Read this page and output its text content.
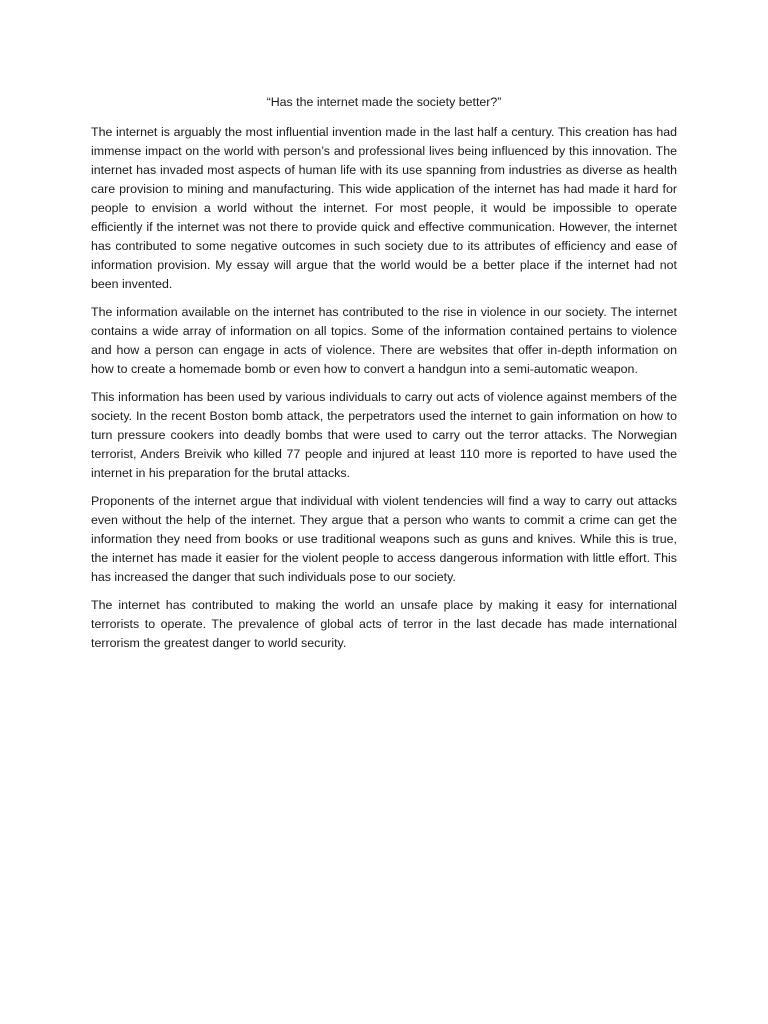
“Has the internet made the society better?”

The internet is arguably the most influential invention made in the last half a century. This creation has had immense impact on the world with person’s and professional lives being influenced by this innovation. The internet has invaded most aspects of human life with its use spanning from industries as diverse as health care provision to mining and manufacturing. This wide application of the internet has had made it hard for people to envision a world without the internet. For most people, it would be impossible to operate efficiently if the internet was not there to provide quick and effective communication. However, the internet has contributed to some negative outcomes in such society due to its attributes of efficiency and ease of information provision. My essay will argue that the world would be a better place if the internet had not been invented.

The information available on the internet has contributed to the rise in violence in our society. The internet contains a wide array of information on all topics. Some of the information contained pertains to violence and how a person can engage in acts of violence. There are websites that offer in-depth information on how to create a homemade bomb or even how to convert a handgun into a semi-automatic weapon.

This information has been used by various individuals to carry out acts of violence against members of the society. In the recent Boston bomb attack, the perpetrators used the internet to gain information on how to turn pressure cookers into deadly bombs that were used to carry out the terror attacks. The Norwegian terrorist, Anders Breivik who killed 77 people and injured at least 110 more is reported to have used the internet in his preparation for the brutal attacks.

Proponents of the internet argue that individual with violent tendencies will find a way to carry out attacks even without the help of the internet. They argue that a person who wants to commit a crime can get the information they need from books or use traditional weapons such as guns and knives. While this is true, the internet has made it easier for the violent people to access dangerous information with little effort. This has increased the danger that such individuals pose to our society.

The internet has contributed to making the world an unsafe place by making it easy for international terrorists to operate. The prevalence of global acts of terror in the last decade has made international terrorism the greatest danger to world security.
